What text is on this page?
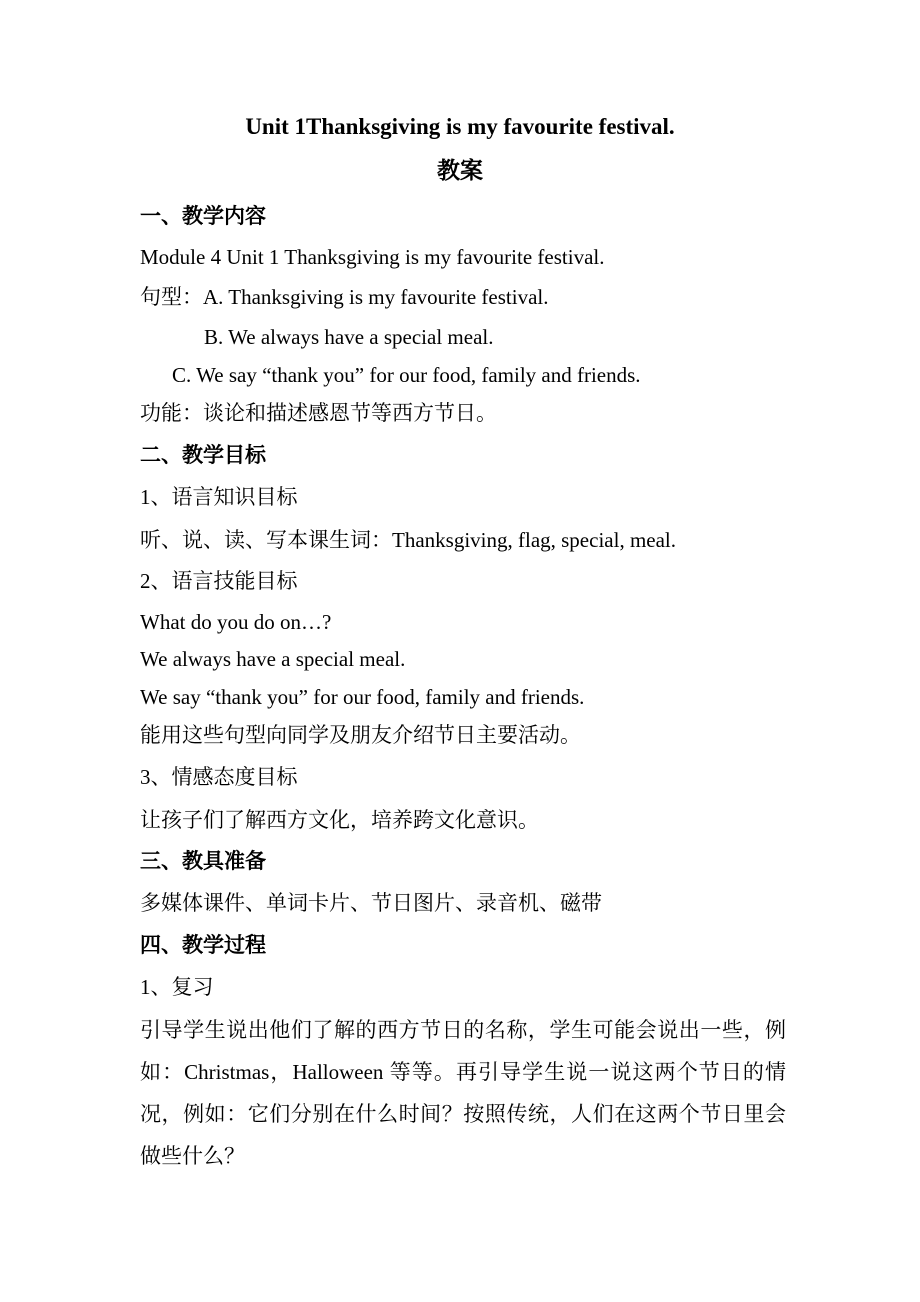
Unit 1Thanksgiving is my favourite festival.
教案
一、教学内容
Module 4 Unit 1 Thanksgiving is my favourite festival.
句型：A. Thanksgiving is my favourite festival.
B. We always have a special meal.
C. We say “thank you” for our food, family and friends.
功能：谈论和描述感恩节等西方节日。
二、教学目标
1、语言知识目标
听、说、读、写本课生词：Thanksgiving, flag, special, meal.
2、语言技能目标
What do you do on…?
We always have a special meal.
We say “thank you” for our food, family and friends.
能用这些句型向同学及朋友介绍节日主要活动。
3、情感态度目标
让孩子们了解西方文化，培养跨文化意识。
三、教具准备
多媒体课件、单词卡片、节日图片、录音机、磁带
四、教学过程
1、复习
引导学生说出他们了解的西方节日的名称，学生可能会说出一些，例
如：Christmas，Halloween 等等。再引导学生说一说这两个节日的情
况，例如：它们分别在什么时间？按照传统，人们在这两个节日里会
做些什么？
